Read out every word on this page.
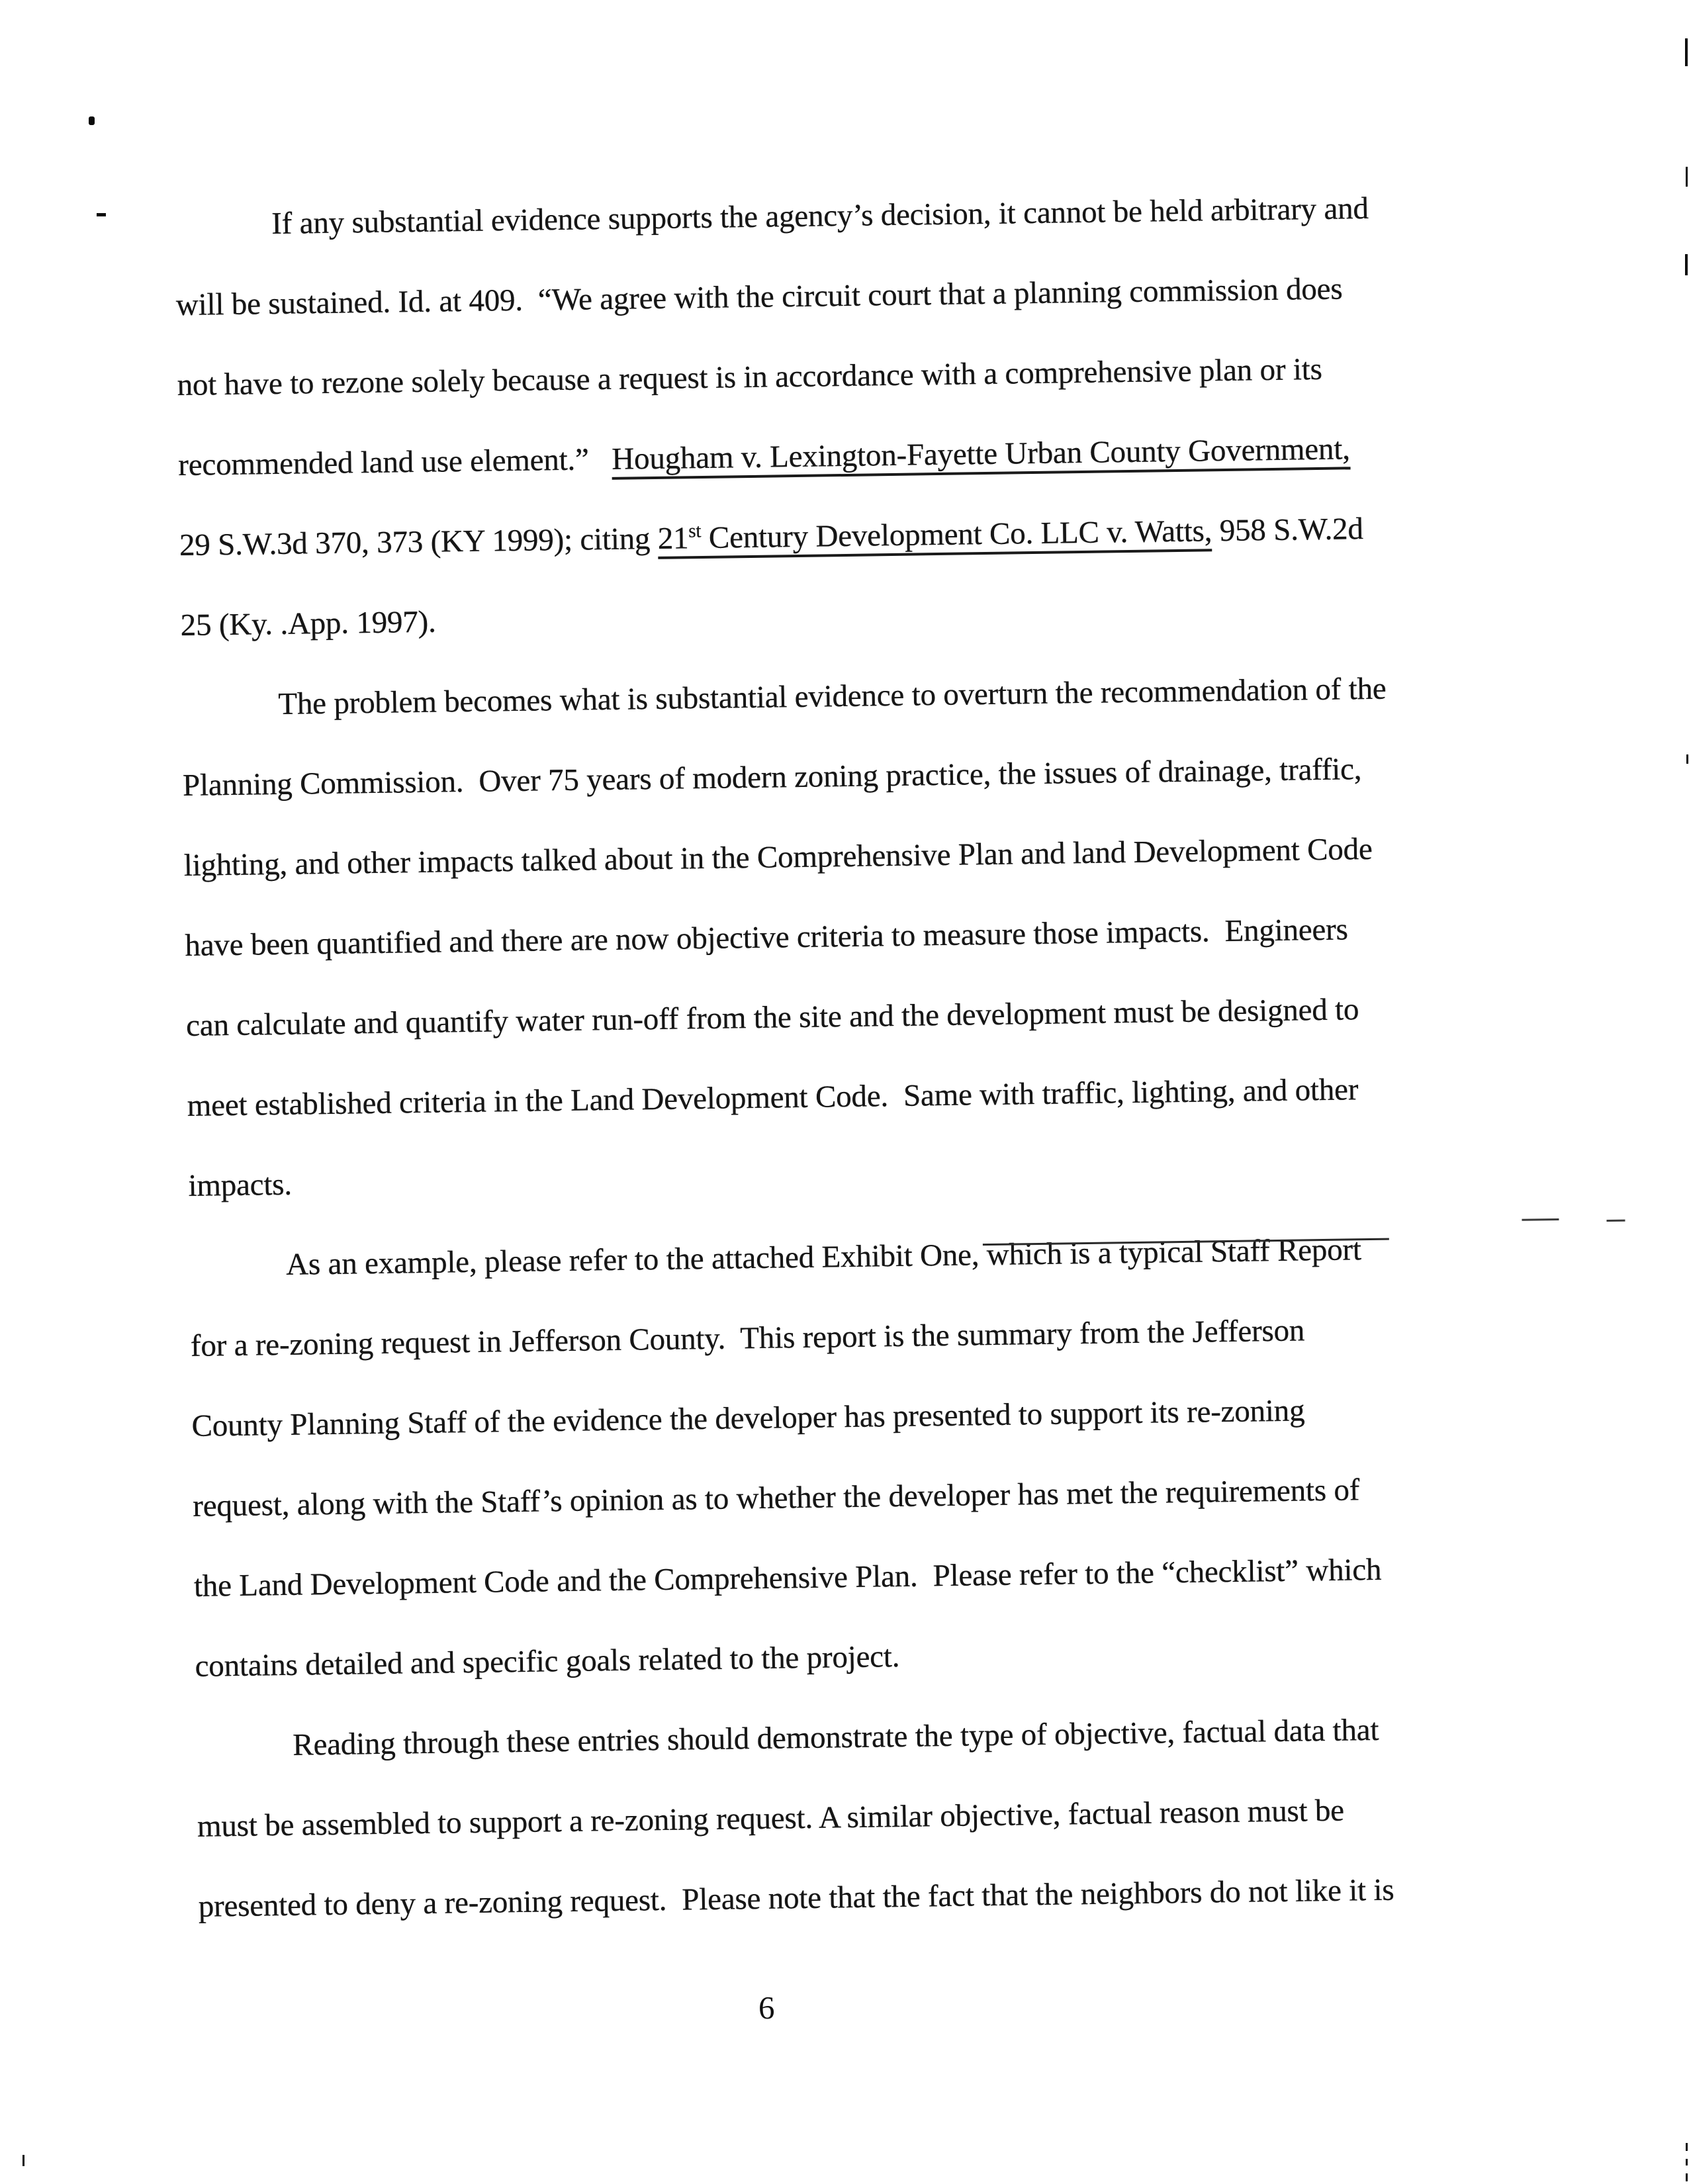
If any substantial evidence supports the agency’s decision, it cannot be held arbitrary and
will be sustained. Id. at 409.  “We agree with the circuit court that a planning commission does
not have to rezone solely because a request is in accordance with a comprehensive plan or its
recommended land use element.”   Hougham v. Lexington-Fayette Urban County Government,
29 S.W.3d 370, 373 (KY 1999); citing 21st Century Development Co. LLC v. Watts, 958 S.W.2d
25 (Ky. .App. 1997).
The problem becomes what is substantial evidence to overturn the recommendation of the
Planning Commission.  Over 75 years of modern zoning practice, the issues of drainage, traffic,
lighting, and other impacts talked about in the Comprehensive Plan and land Development Code
have been quantified and there are now objective criteria to measure those impacts.  Engineers
can calculate and quantify water run-off from the site and the development must be designed to
meet established criteria in the Land Development Code.  Same with traffic, lighting, and other
impacts.
As an example, please refer to the attached Exhibit One, which is a typical Staff Report
for a re-zoning request in Jefferson County.  This report is the summary from the Jefferson
County Planning Staff of the evidence the developer has presented to support its re-zoning
request, along with the Staff’s opinion as to whether the developer has met the requirements of
the Land Development Code and the Comprehensive Plan.  Please refer to the “checklist” which
contains detailed and specific goals related to the project.
Reading through these entries should demonstrate the type of objective, factual data that
must be assembled to support a re-zoning request. A similar objective, factual reason must be
presented to deny a re-zoning request.  Please note that the fact that the neighbors do not like it is
6
